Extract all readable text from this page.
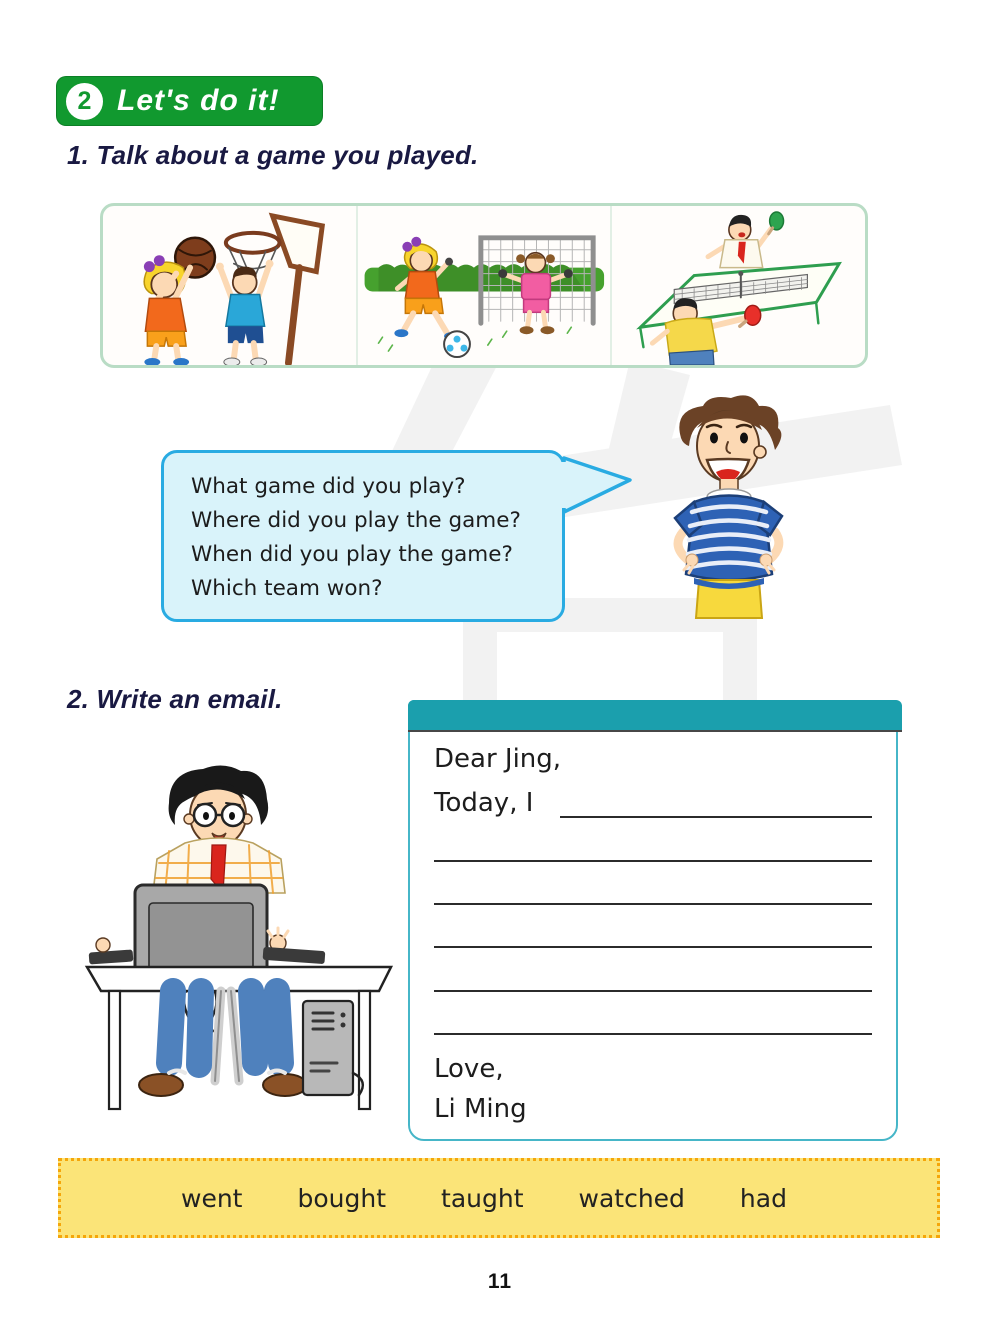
2 Let's do it!
1. Talk about a game you played.
What game did you play?
Where did you play the game?
When did you play the game?
Which team won?
2. Write an email.
Dear Jing,
Today, I
Love,
Li Ming
went bought taught watched had
11
